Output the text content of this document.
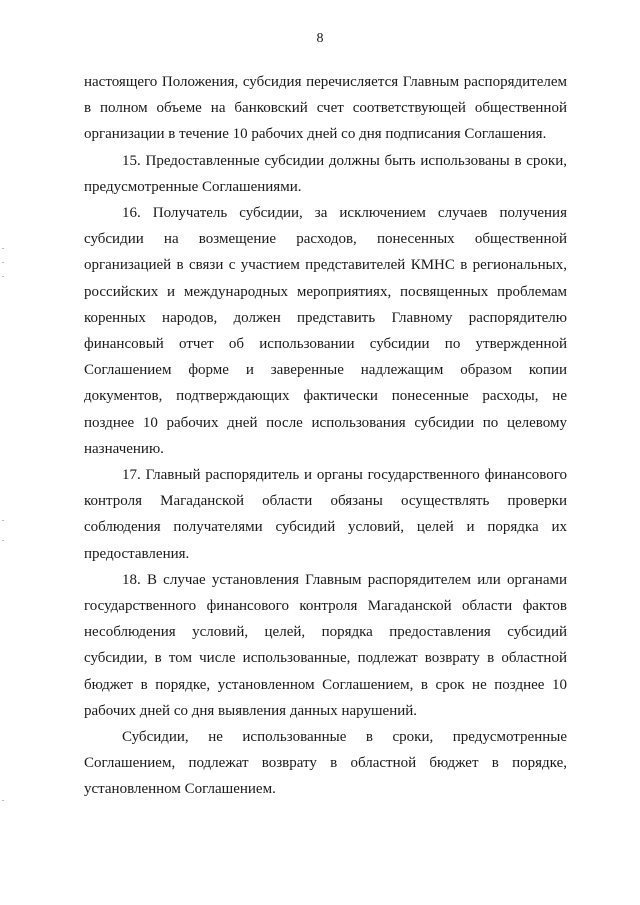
8

настоящего Положения, субсидия перечисляется Главным распорядителем в полном объеме на банковский счет соответствующей общественной организации в течение 10 рабочих дней со дня подписания Соглашения.

15. Предоставленные субсидии должны быть использованы в сроки, предусмотренные Соглашениями.

16. Получатель субсидии, за исключением случаев получения субсидии на возмещение расходов, понесенных общественной организацией в связи с участием представителей КМНС в региональных, российских и международных мероприятиях, посвященных проблемам коренных народов, должен представить Главному распорядителю финансовый отчет об использовании субсидии по утвержденной Соглашением форме и заверенные надлежащим образом копии документов, подтверждающих фактически понесенные расходы, не позднее 10 рабочих дней после использования субсидии по целевому назначению.

17. Главный распорядитель и органы государственного финансового контроля Магаданской области обязаны осуществлять проверки соблюдения получателями субсидий условий, целей и порядка их предоставления.

18. В случае установления Главным распорядителем или органами государственного финансового контроля Магаданской области фактов несоблюдения условий, целей, порядка предоставления субсидий субсидии, в том числе использованные, подлежат возврату в областной бюджет в порядке, установленном Соглашением, в срок не позднее 10 рабочих дней со дня выявления данных нарушений.

Субсидии, не использованные в сроки, предусмотренные Соглашением, подлежат возврату в областной бюджет в порядке, установленном Соглашением.
